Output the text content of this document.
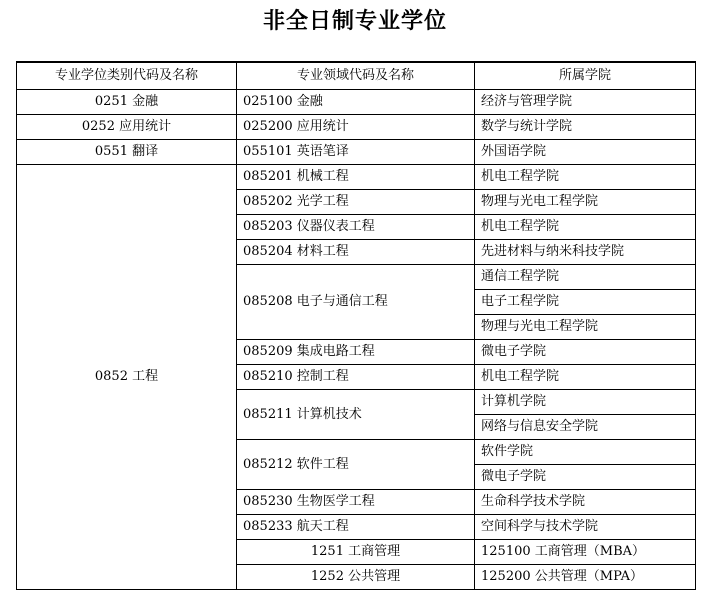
非全日制专业学位
专业学位类别代码及名称	专业领域代码及名称	所属学院	
0251 金融	025100 金融	经济与管理学院	
0252 应用统计	025200 应用统计	数学与统计学院	
0551 翻译	055101 英语笔译	外国语学院	
0852 工程	085201 机械工程	机电工程学院	
	085202 光学工程	物理与光电工程学院	
	085203 仪器仪表工程	机电工程学院	
	085204 材料工程	先进材料与纳米科技学院	
	085208 电子与通信工程	通信工程学院	
		电子工程学院	
		物理与光电工程学院	
	085209 集成电路工程	微电子学院	
	085210 控制工程	机电工程学院	
	085211 计算机技术	计算机学院	
		网络与信息安全学院	
	085212 软件工程	软件学院	
		微电子学院	
	085230 生物医学工程	生命科学技术学院	
	085233 航天工程	空间科学与技术学院	
	1251 工商管理	125100 工商管理（MBA）	
	1252 公共管理	125200 公共管理（MPA）	
